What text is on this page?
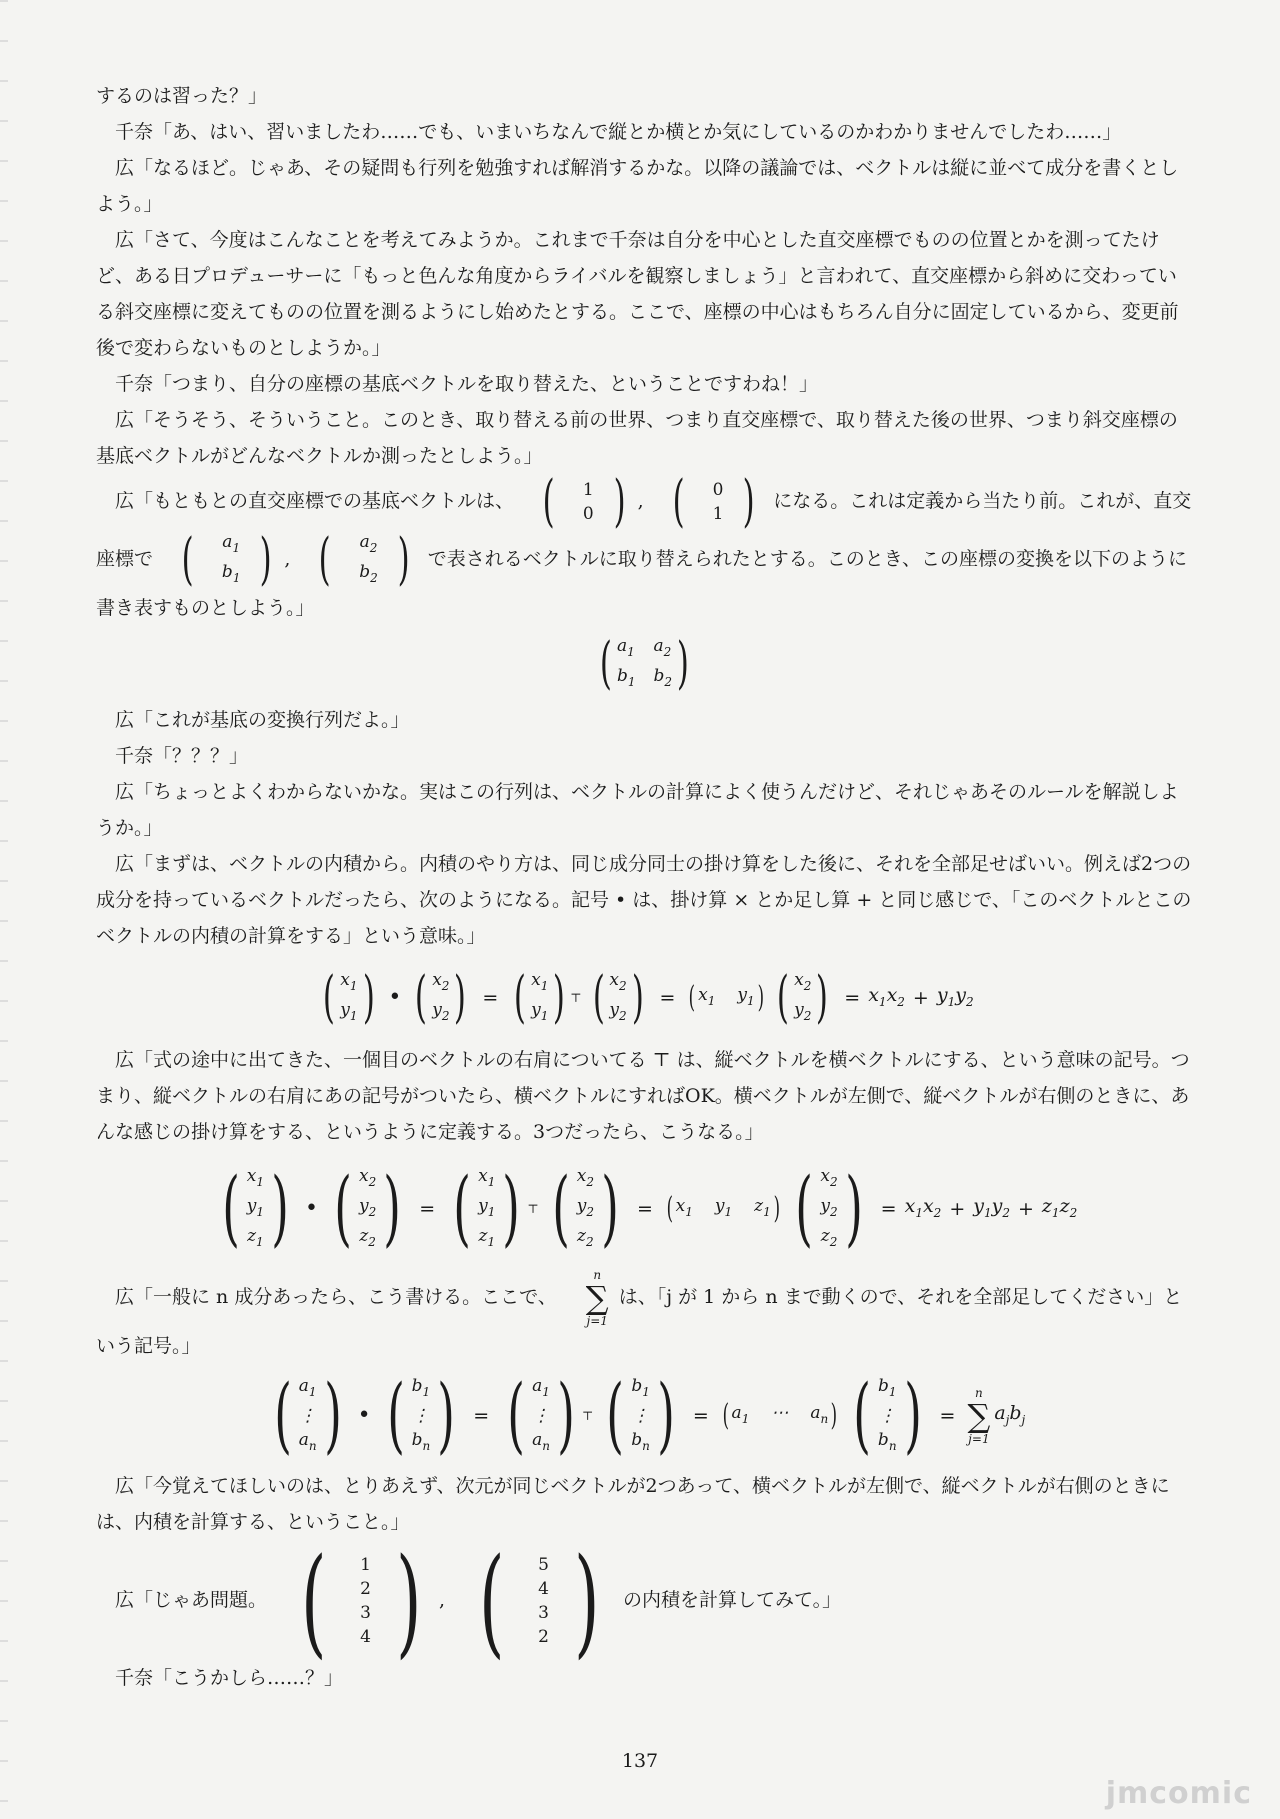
するのは習った？」

千奈「あ、はい、習いましたわ……でも、いまいちなんで縦とか横とか気にしているのかわかりませんでしたわ……」

広「なるほど。じゃあ、その疑問も行列を勉強すれば解消するかな。以降の議論では、ベクトルは縦に並べて成分を書くとしよう。」

広「さて、今度はこんなことを考えてみようか。これまで千奈は自分を中心とした直交座標でものの位置とかを測ってたけど、ある日プロデューサーに「もっと色んな角度からライバルを観察しましょう」と言われて、直交座標から斜めに交わっている斜交座標に変えてものの位置を測るようにし始めたとする。ここで、座標の中心はもちろん自分に固定しているから、変更前後で変わらないものとしようか。」

千奈「つまり、自分の座標の基底ベクトルを取り替えた、ということですわね！」

広「そうそう、そういうこと。このとき、取り替える前の世界、つまり直交座標で、取り替えた後の世界、つまり斜交座標の基底ベクトルがどんなベクトルか測ったとしよう。」

広「もともとの直交座標での基底ベクトルは、 (	1
0 ) , (	0
1 ) になる。これは定義から当たり前。これが、直交座標で (	$a_1$
$b_1$ ) , (	$a_2$
$b_2$ ) で表されるベクトルに取り替えられたとする。このとき、この座標の変換を以下のように書き表すものとしよう。」

( $a_1$ $a_2$
$b_1$ $b_2$ )

広「これが基底の変換行列だよ。」

千奈「？？？」

広「ちょっとよくわからないかな。実はこの行列は、ベクトルの計算によく使うんだけど、それじゃあそのルールを解説しようか。」

広「まずは、ベクトルの内積から。内積のやり方は、同じ成分同士の掛け算をした後に、それを全部足せばいい。例えば2つの成分を持っているベクトルだったら、次のようになる。記号 • は、掛け算 × とか足し算 + と同じ感じで、「このベクトルとこのベクトルの内積の計算をする」という意味。」

( $x_1$
$y_1$ ) • ( $x_2$
$y_2$ ) = ( $x_1$
$y_1$ ) ⊤ ( $x_2$
$y_2$ ) = ( $x_1$ $y_1$ ) ( $x_2$
$y_2$ ) = $x_1x_2 + y_1y_2$

広「式の途中に出てきた、一個目のベクトルの右肩についてる ⊤ は、縦ベクトルを横ベクトルにする、という意味の記号。つまり、縦ベクトルの右肩にあの記号がついたら、横ベクトルにすればOK。横ベクトルが左側で、縦ベクトルが右側のときに、あんな感じの掛け算をする、というように定義する。3つだったら、こうなる。」

( $x_1$
$y_1$
$z_1$ ) • ( $x_2$
$y_2$
$z_2$ ) = ( $x_1$
$y_1$
$z_1$ ) ⊤ ( $x_2$
$y_2$
$z_2$ ) = ( $x_1$ $y_1$ $z_1$ ) ( $x_2$
$y_2$
$z_2$ ) = $x_1x_2 + y_1y_2 + z_1z_2$

広「一般に n 成分あったら、こう書ける。ここで、
n
∑
j=1
は、「j が 1 から n まで動くので、それを全部足してください」という記号。」

( $a_1$
⋮
$a_n$ ) • ( $b_1$
⋮
$b_n$ ) = ( $a_1$
⋮
$a_n$ ) ⊤ ( $b_1$
⋮
$b_n$ ) = ( $a_1$ ⋯ $a_n$ ) ( $b_1$
⋮
$b_n$ ) =
n
∑
j=1
$a_jb_j$

広「今覚えてほしいのは、とりあえず、次元が同じベクトルが2つあって、横ベクトルが左側で、縦ベクトルが右側のときには、内積を計算する、ということ。」

広「じゃあ問題。 (	1
2
3
4 ) , (	5
4
3
2 ) の内積を計算してみて。」

千奈「こうかしら……？」

137
jmcomic
